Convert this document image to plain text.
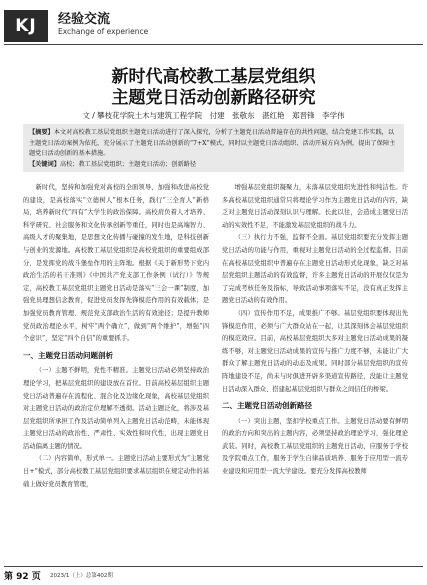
KJ	经验交流
Exchange of experience
新时代高校教工基层党组织
主题党日活动创新路径研究
文 / 攀枝花学院土木与建筑工程学院　付建　张敬东　湛红艳　郑晋锋　李学伟
【摘要】本文对高校教工基层党组织主题党日活动进行了深入探究，分析了主题党日活动普遍存在的共性问题，结合党建工作实践，以主题党日活动案例为依托，充分展示了主题党日活动创新的“7+X”模式，同时以主题党日活动组织、活动开展方向为例，提出了保障主题党日活动创新的基本措施。
【关键词】高校；教工基层党组织；主题党日活动；创新路径

新时代，坚持和加强党对高校的全面领导，加强和改进高校党的建设，是高校落实“立德树人”根本任务，践行“三全育人”新格局，培养新时代“四有”大学生的政治保障。高校肩负着人才培养、科学研究、社会服务和文化传承创新等重任，同时也是高端智力、高级人才的聚集地，是思想文化传播与碰撞的发生地，是科技创新与创业的发源地。高校教工基层党组织是高校党组织的重要组成部分，是发挥党的战斗堡垒作用的主阵地。根据《关于新形势下党内政治生活的若干准则》《中国共产党支部工作条例（试行）》等规定，高校教工基层党组织主题党日活动是落实“三会一课”制度，加强党员理想信念教育，促进党员发挥先锋模范作用的有效载体；是加强党员教育管理、规范党支部政治生活的有效途径；是提升教师党员政治理论水平，树牢“两个确立”，做到“两个维护”，增强“四个意识”，坚定“四个自信”的重要抓手。

一、主题党日活动问题剖析

（一）主题不鲜明，党性不精准。主题党日活动必须坚持政治理论学习，把基层党组织的建设放在首位。目前高校基层组织主题党日活动普遍存在流程化、混合化及边缘化现象，高校基层党组织对主题党日活动的政治定位理解不透彻。活动主题泛化，将涉及基层党组织所承担工作及活动简单列入主题党日活动范畴，未能体现主题党日活动的政治性、严肃性、实效性和时代性，出现主题党日活动偏离主题的情况。

（二）内容简单，形式单一。主题党日活动主要形式为“主题党日+”模式，部分高校教工基层党组织要求基层组织在规定动作的基础上做好党员教育管理，

增强基层党组织凝聚力，未落基层党组织先进性和纯洁性。许多高校基层党组织通常只将理论学习作为主题党日活动的内容，缺乏对主题党日活动深刻认识与理解。长此以往，会造成主题党日活动的实效性不足，不能激发基层党组织的战斗力。

（三）执行力不强，监督不全面。基层党组织要充分发挥主题党日活动的功能与作用，重视对主题党日活动的全过程监督。目前在高校基层党组织中普遍存在主题党日活动形式化现象，缺乏对基层党组织主题活动的有效监督，许多主题党日活动的开展仅仅是为了完成考核任务及指标，导致活动事项落实不足，没有真正发挥主题党日活动的有效作用。

（四）宣传作用不足，成果推广不够。基层党组织要体现出先锋模范作用，必须与广大群众站在一起，让其深刻体会基层党组织的模范效应。目前，高校基层党组织大多对主题党日活动成果的凝练不够，对主题党日活动成果的宣传与推广力度不够，未能让广大群众了解主题党日活动的动态及成果。同时部分基层党组织的宣传阵地建设不足，尚未与时俱进开辟多渠道宣传路径，没能让主题党日活动深入群众、搭建起基层党组织与群众之间信任的桥梁。

二、主题党日活动创新路径

（一）突出主题，坚扣学校重点工作。主题党日活动要有鲜明的政治方向和突出的主题内容，必须坚持政治理论学习，强化理论武装。同时，高校教工基层党组织的主题党日活动，应服务于学校及学院重点工作，服务于学生自律品质培养、服务于应用型一流专业建设和应用型一流大学建设。要充分发挥高校教师

第 92 页 2023/1（上）总第402期
